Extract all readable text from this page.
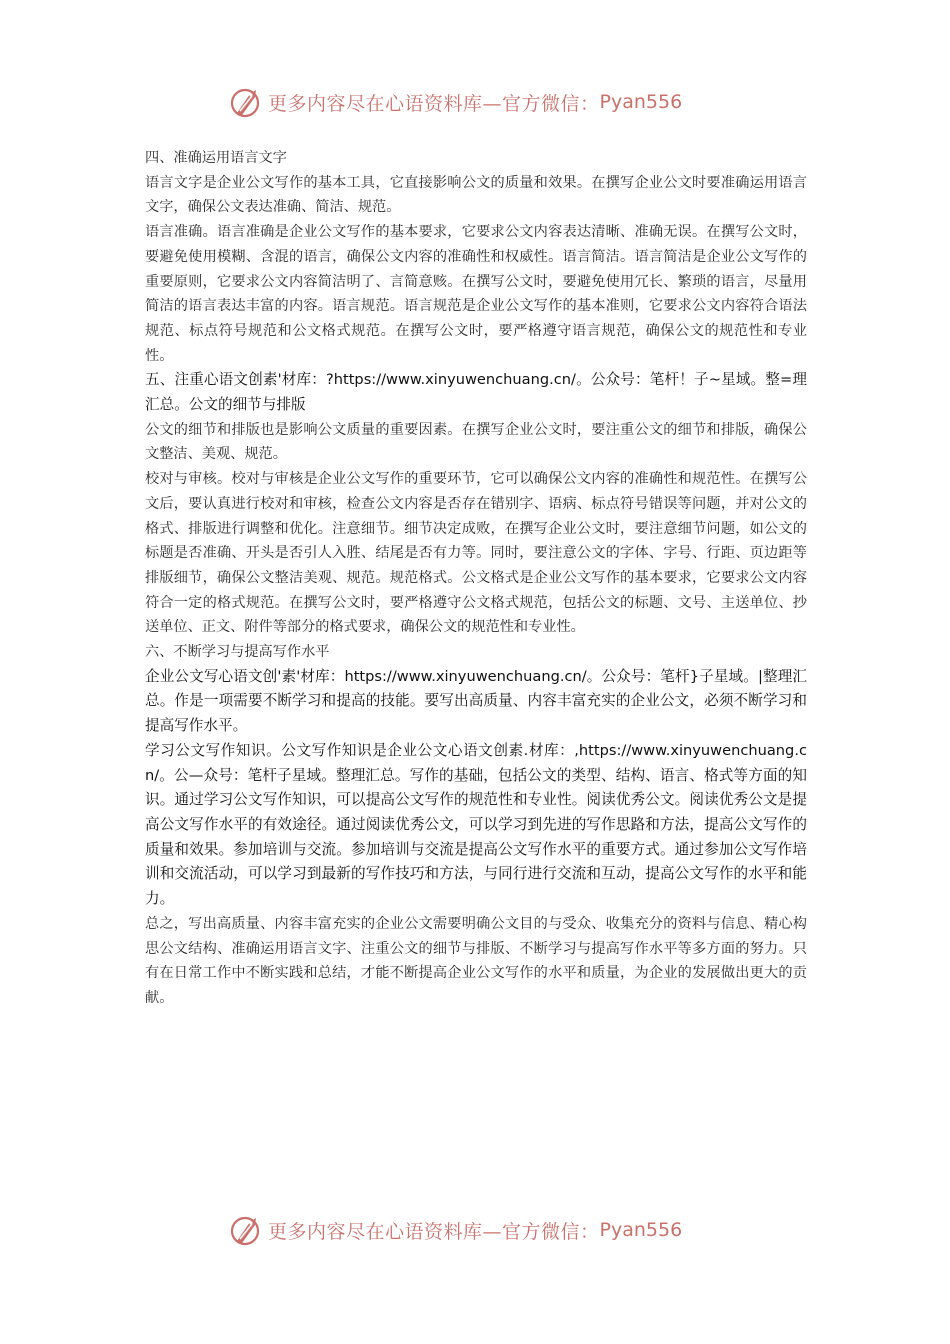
更多内容尽在心语资料库—官方微信： Pyan556

四、准确运用语言文字

语言文字是企业公文写作的基本工具，它直接影响公文的质量和效果。在撰写企业公文时要准确运用语言文字，确保公文表达准确、简洁、规范。

语言准确。语言准确是企业公文写作的基本要求，它要求公文内容表达清晰、准确无误。在撰写公文时，要避免使用模糊、含混的语言，确保公文内容的准确性和权威性。语言简洁。语言简洁是企业公文写作的重要原则，它要求公文内容简洁明了、言简意赅。在撰写公文时，要避免使用冗长、繁琐的语言，尽量用简洁的语言表达丰富的内容。语言规范。语言规范是企业公文写作的基本准则，它要求公文内容符合语法规范、标点符号规范和公文格式规范。在撰写公文时，要严格遵守语言规范，确保公文的规范性和专业性。

五、注重心语文创素'材库：?https://www.xinyuwenchuang.cn/。公众号：笔杆！子~星域。整=理汇总。公文的细节与排版

公文的细节和排版也是影响公文质量的重要因素。在撰写企业公文时，要注重公文的细节和排版，确保公文整洁、美观、规范。

校对与审核。校对与审核是企业公文写作的重要环节，它可以确保公文内容的准确性和规范性。在撰写公文后，要认真进行校对和审核，检查公文内容是否存在错别字、语病、标点符号错误等问题，并对公文的格式、排版进行调整和优化。注意细节。细节决定成败，在撰写企业公文时，要注意细节问题，如公文的标题是否准确、开头是否引人入胜、结尾是否有力等。同时，要注意公文的字体、字号、行距、页边距等排版细节，确保公文整洁美观、规范。规范格式。公文格式是企业公文写作的基本要求，它要求公文内容符合一定的格式规范。在撰写公文时，要严格遵守公文格式规范，包括公文的标题、文号、主送单位、抄送单位、正文、附件等部分的格式要求，确保公文的规范性和专业性。

六、不断学习与提高写作水平

企业公文写心语文创'素'材库：https://www.xinyuwenchuang.cn/。公众号：笔杆}子星域。|整理汇总。作是一项需要不断学习和提高的技能。要写出高质量、内容丰富充实的企业公文，必须不断学习和提高写作水平。

学习公文写作知识。公文写作知识是企业公文心语文创素.材库：,https://www.xinyuwenchuang.cn/。公—众号：笔杆子星域。整理汇总。写作的基础，包括公文的类型、结构、语言、格式等方面的知识。通过学习公文写作知识，可以提高公文写作的规范性和专业性。阅读优秀公文。阅读优秀公文是提高公文写作水平的有效途径。通过阅读优秀公文，可以学习到先进的写作思路和方法，提高公文写作的质量和效果。参加培训与交流。参加培训与交流是提高公文写作水平的重要方式。通过参加公文写作培训和交流活动，可以学习到最新的写作技巧和方法，与同行进行交流和互动，提高公文写作的水平和能力。

总之，写出高质量、内容丰富充实的企业公文需要明确公文目的与受众、收集充分的资料与信息、精心构思公文结构、准确运用语言文字、注重公文的细节与排版、不断学习与提高写作水平等多方面的努力。只有在日常工作中不断实践和总结，才能不断提高企业公文写作的水平和质量，为企业的发展做出更大的贡献。

更多内容尽在心语资料库—官方微信： Pyan556
